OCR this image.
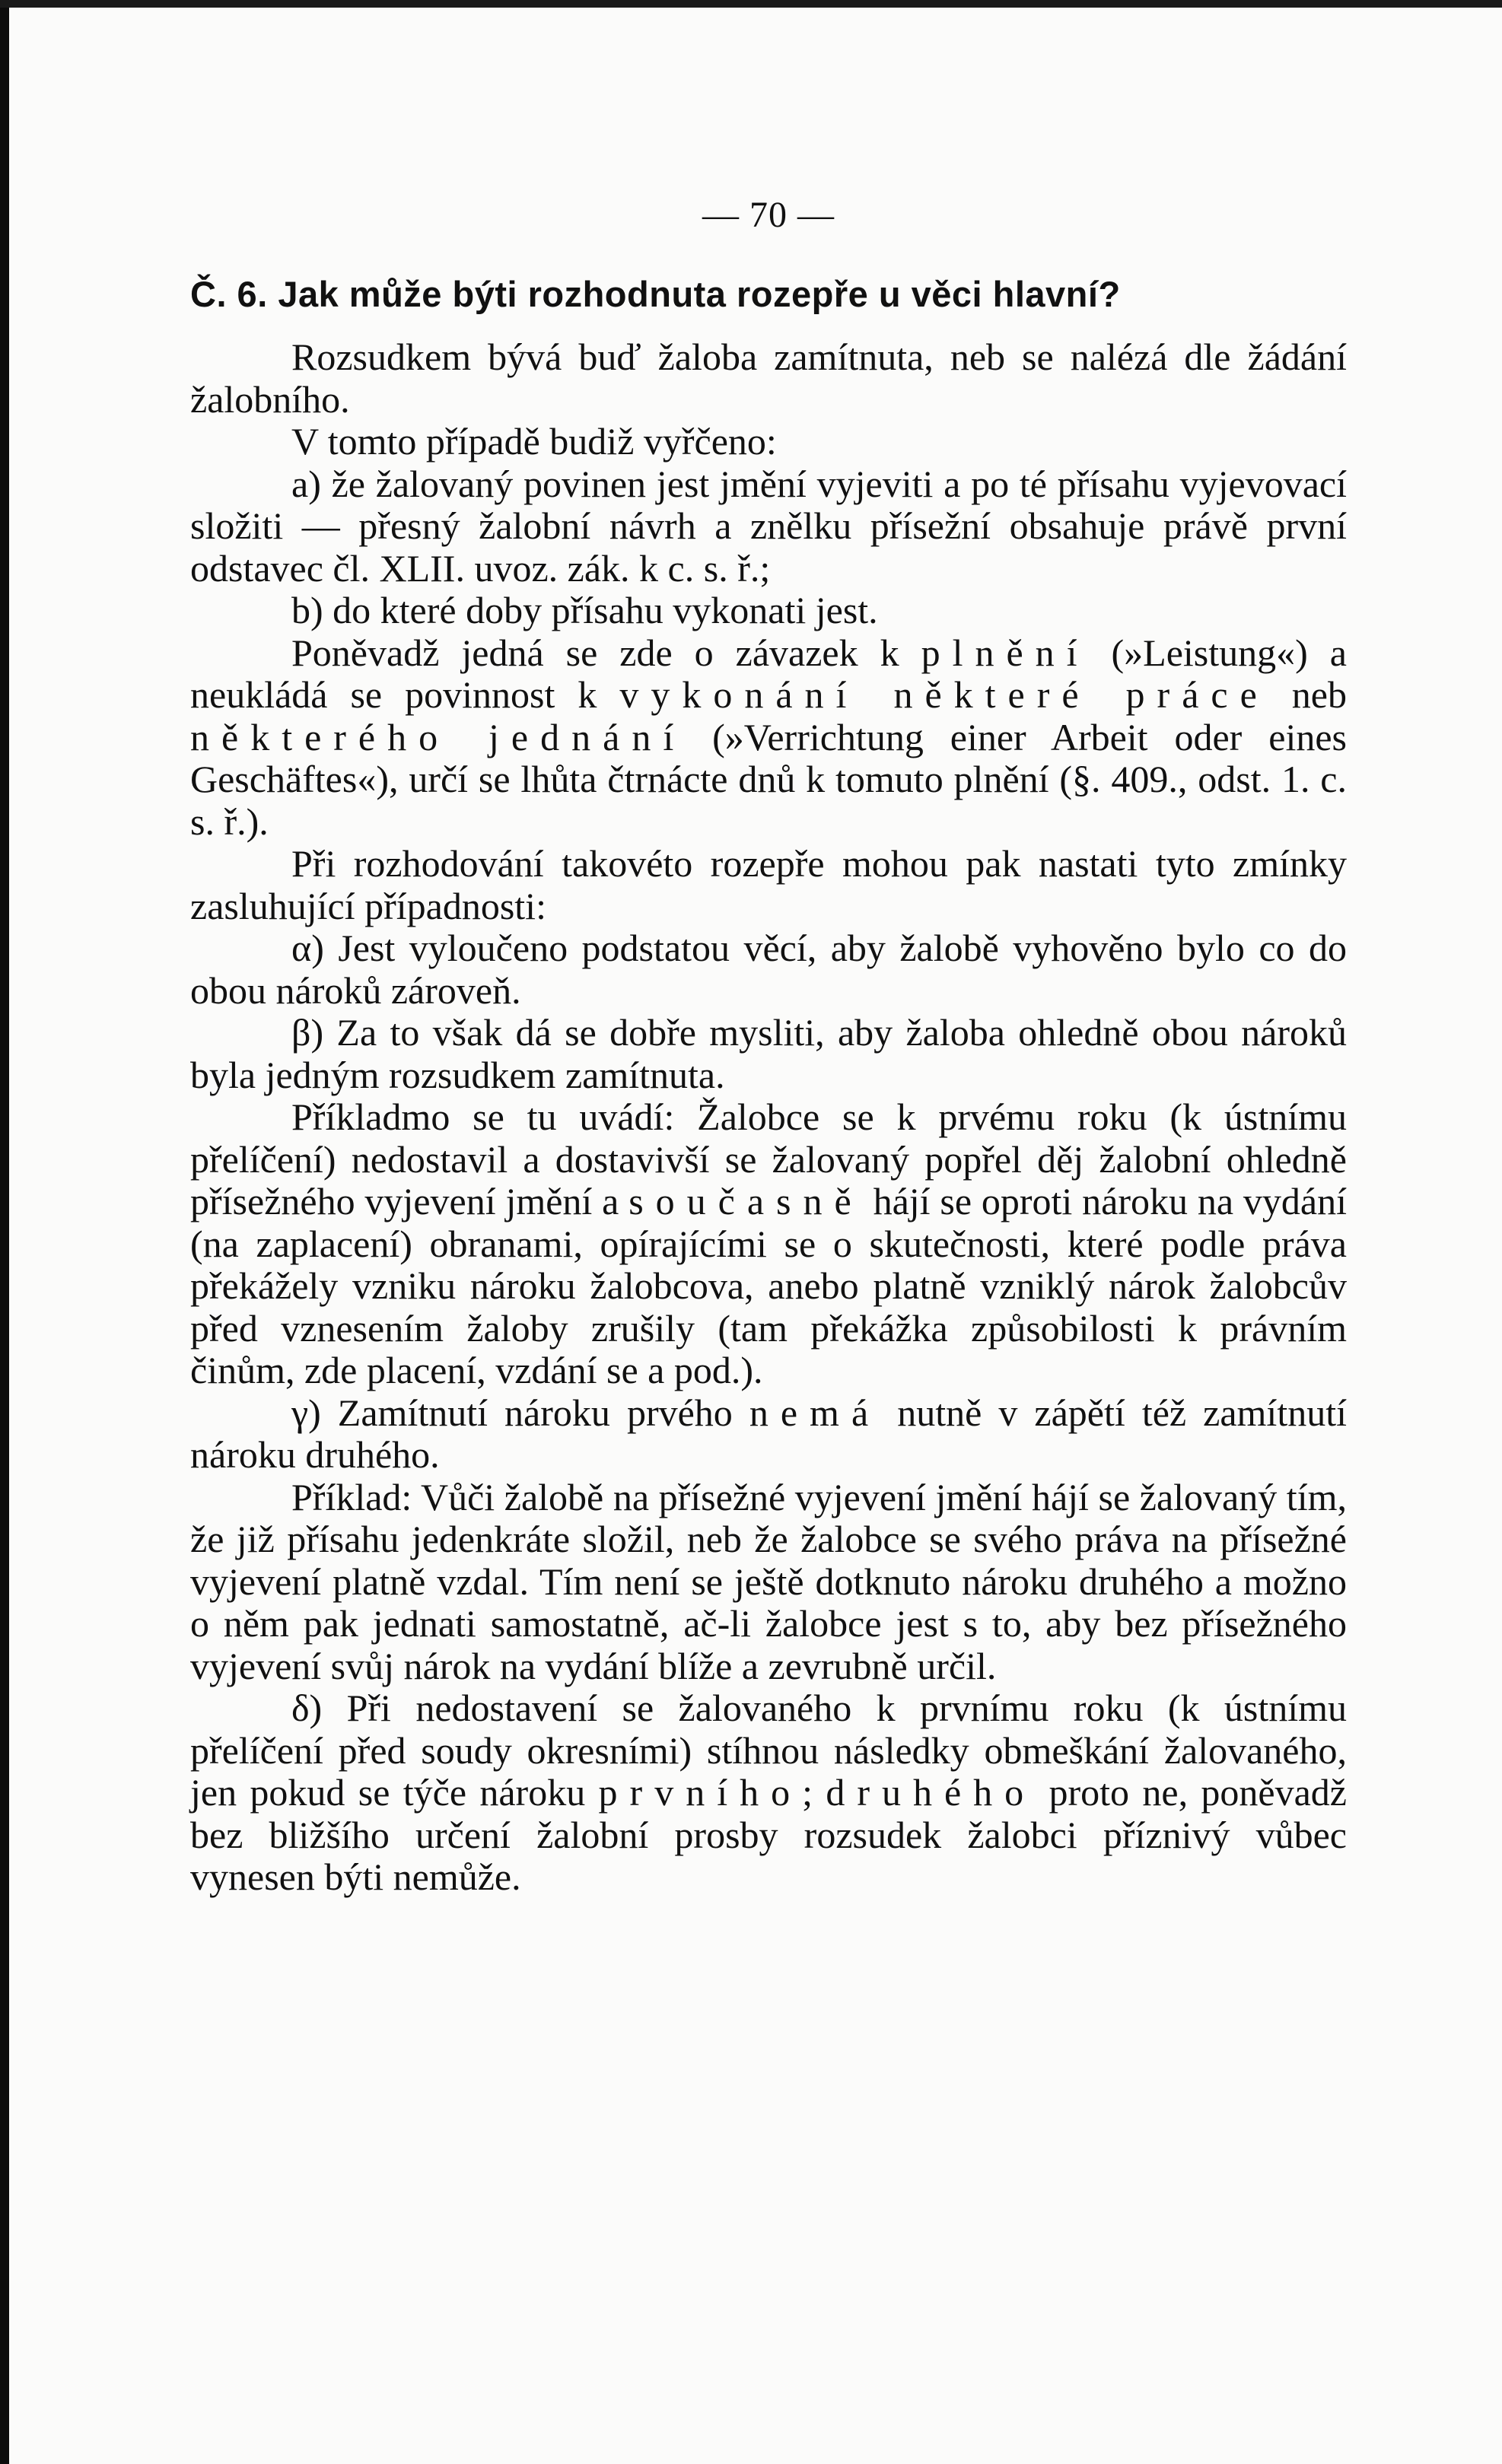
— 70 —
Č. 6. Jak může býti rozhodnuta rozepře u věci hlavní?

Rozsudkem bývá buď žaloba zamítnuta, neb se nalézá dle žádání žalobního.

V tomto případě budiž vyřčeno:

a) že žalovaný povinen jest jmění vyjeviti a po té přísahu vyjevovací složiti — přesný žalobní návrh a znělku přísežní obsahuje právě první odstavec čl. XLII. uvoz. zák. k c. s. ř.;

b) do které doby přísahu vykonati jest.

Poněvadž jedná se zde o závazek k plnění (»Leistung«) a neukládá se povinnost k vykonání některé práce neb některého jednání (»Verrichtung einer Arbeit oder eines Geschäftes«), určí se lhůta čtrnácte dnů k tomuto plnění (§. 409., odst. 1. c. s. ř.).

Při rozhodování takovéto rozepře mohou pak nastati tyto zmínky zasluhující případnosti:

α) Jest vyloučeno podstatou věcí, aby žalobě vyhověno bylo co do obou nároků zároveň.

β) Za to však dá se dobře mysliti, aby žaloba ohledně obou nároků byla jedným rozsudkem zamítnuta.

Příkladmo se tu uvádí: Žalobce se k prvému roku (k ústnímu přelíčení) nedostavil a dostavivší se žalovaný popřel děj žalobní ohledně přísežného vyjevení jmění a současně hájí se oproti nároku na vydání (na zaplacení) obranami, opírajícími se o skutečnosti, které podle práva překážely vzniku nároku žalobcova, anebo platně vzniklý nárok žalobcův před vznesením žaloby zrušily (tam překážka způsobilosti k právním činům, zde placení, vzdání se a pod.).

γ) Zamítnutí nároku prvého nemá nutně v zápětí též zamítnutí nároku druhého.

Příklad: Vůči žalobě na přísežné vyjevení jmění hájí se žalovaný tím, že již přísahu jedenkráte složil, neb že žalobce se svého práva na přísežné vyjevení platně vzdal. Tím není se ještě dotknuto nároku druhého a možno o něm pak jednati samostatně, ač-li žalobce jest s to, aby bez přísežného vyjevení svůj nárok na vydání blíže a zevrubně určil.

δ) Při nedostavení se žalovaného k prvnímu roku (k ústnímu přelíčení před soudy okresními) stíhnou následky obmeškání žalovaného, jen pokud se týče nároku prvního; druhého proto ne, poněvadž bez bližšího určení žalobní prosby rozsudek žalobci příznivý vůbec vynesen býti nemůže.
